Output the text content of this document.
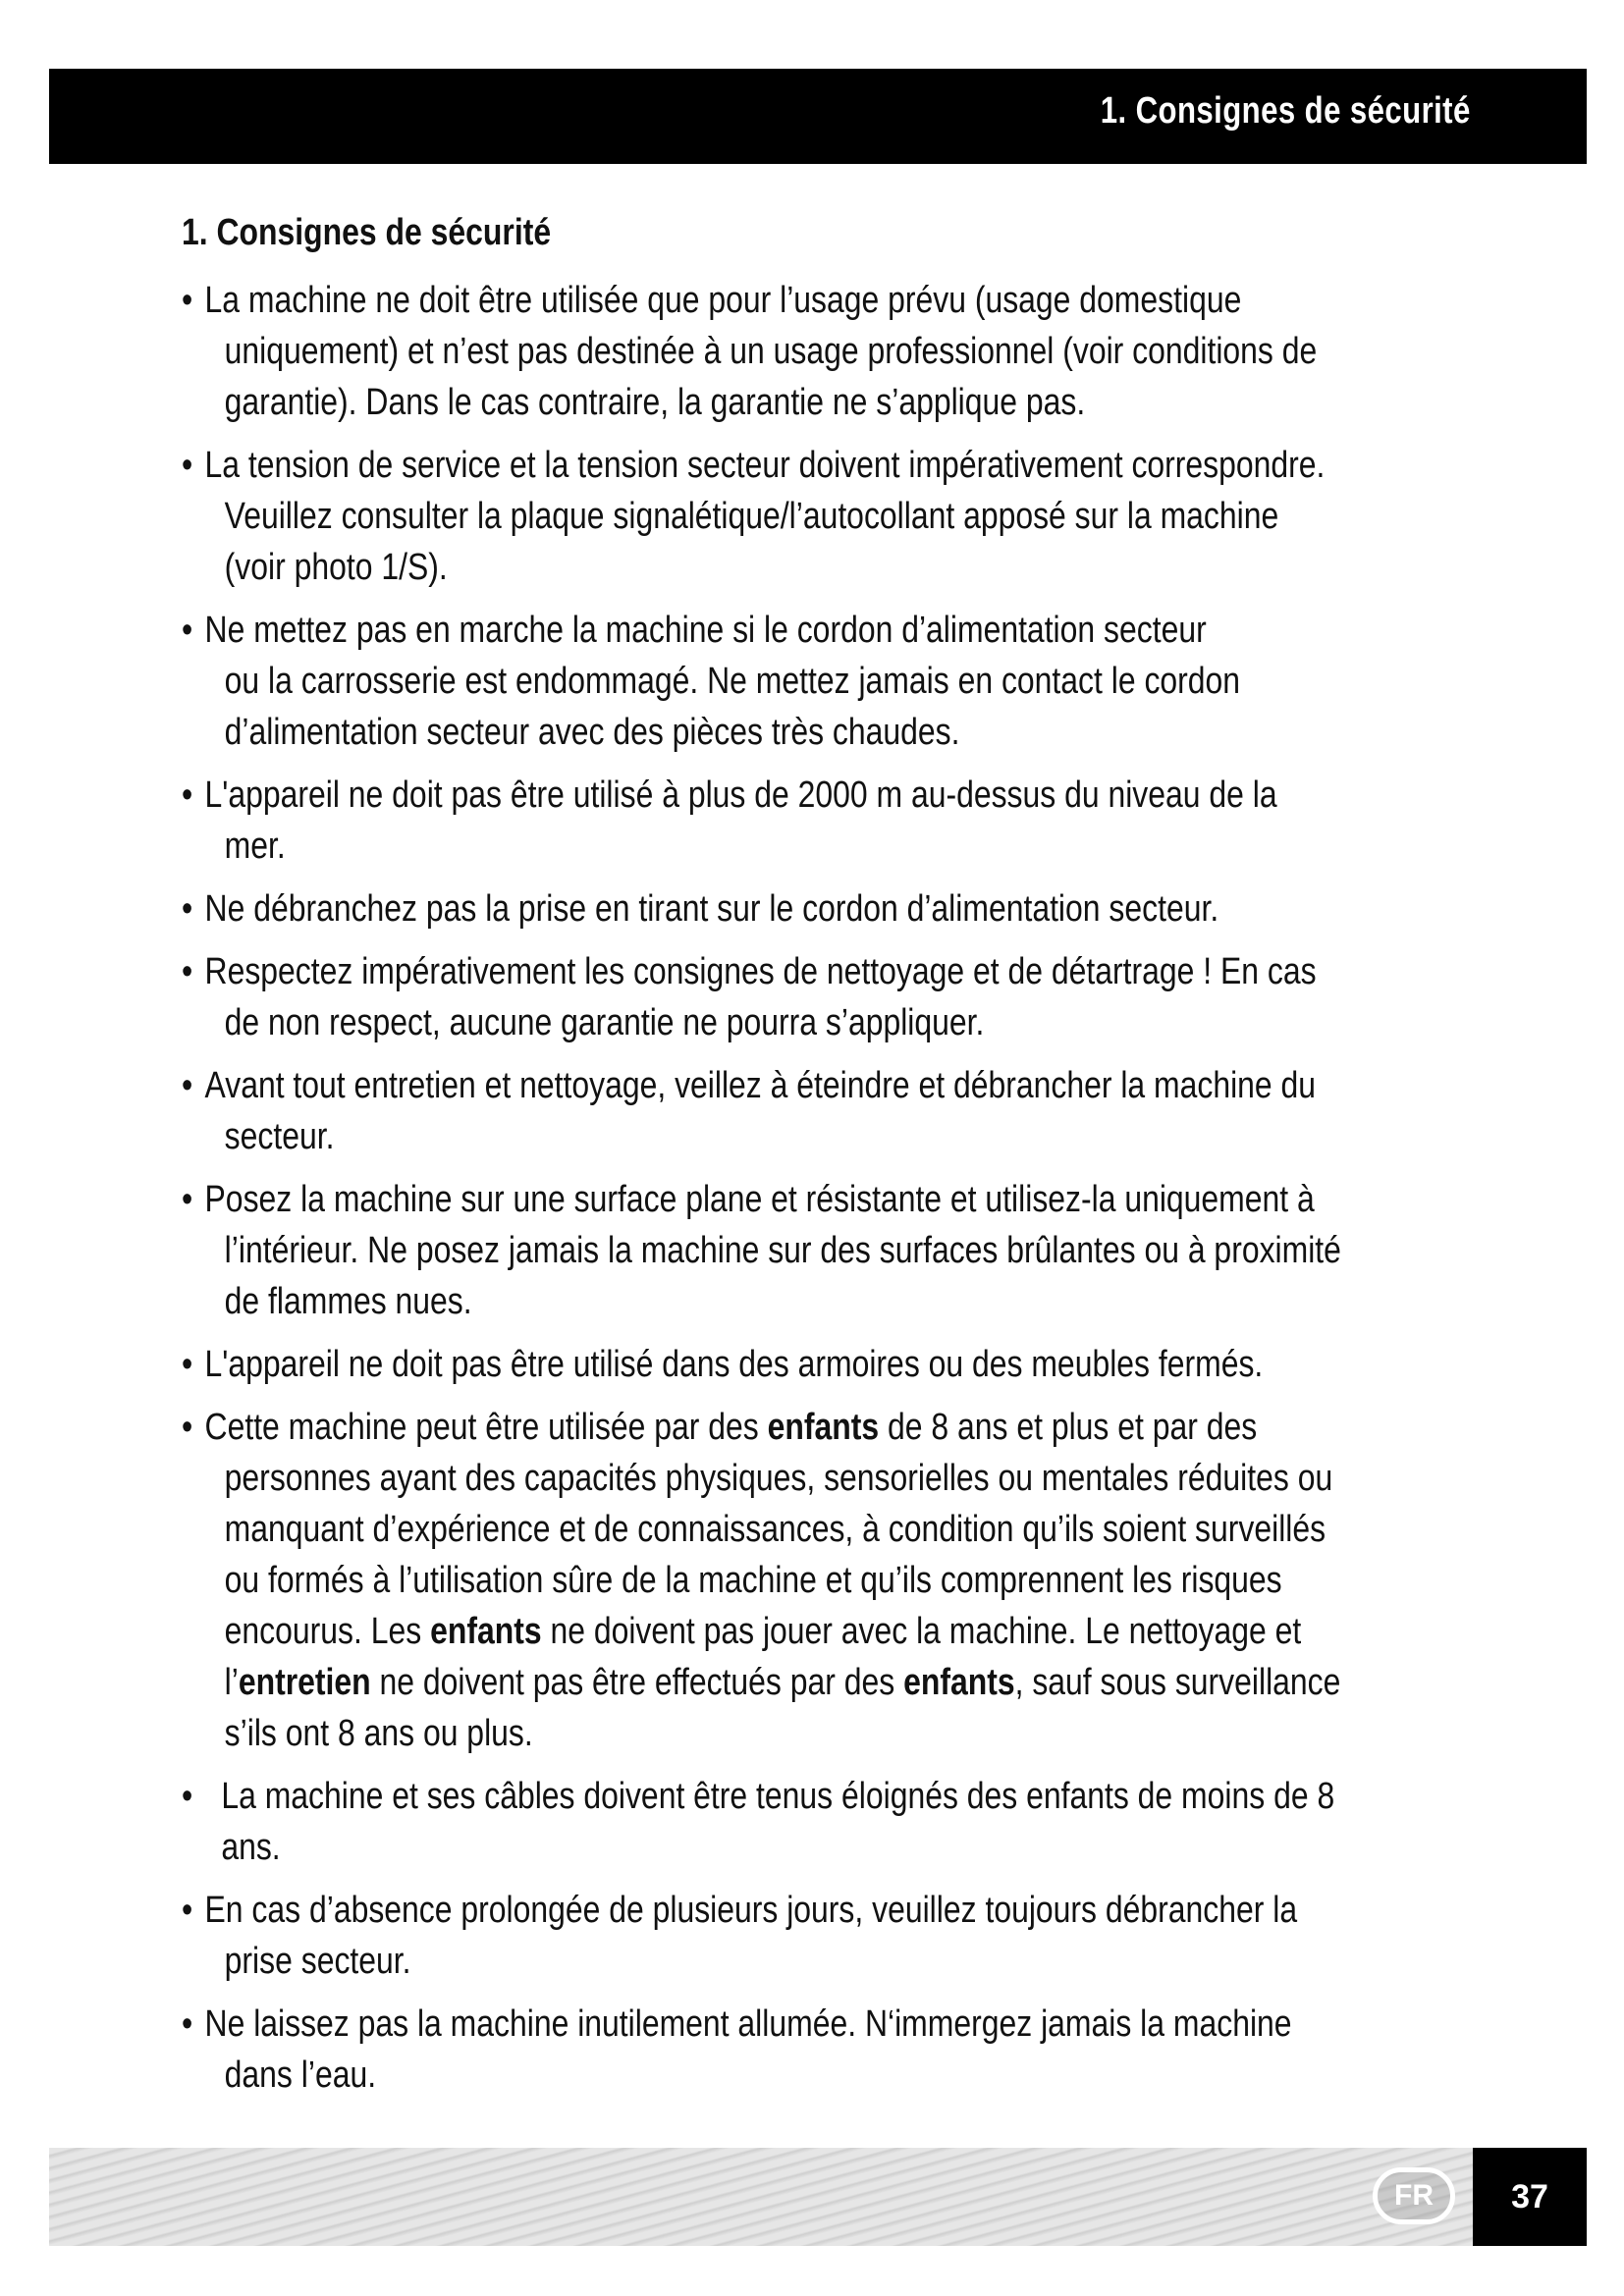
1. Consignes de sécurité
1. Consignes de sécurité
• La machine ne doit être utilisée que pour l’usage prévu (usage domestique
uniquement) et n’est pas destinée à un usage professionnel (voir conditions de
garantie). Dans le cas contraire, la garantie ne s’applique pas.
• La tension de service et la tension secteur doivent impérativement correspondre.
Veuillez consulter la plaque signalétique/l’autocollant apposé sur la machine
(voir photo 1/S).
• Ne mettez pas en marche la machine si le cordon d’alimentation secteur
ou la carrosserie est endommagé. Ne mettez jamais en contact le cordon
d’alimentation secteur avec des pièces très chaudes.
• L'appareil ne doit pas être utilisé à plus de 2000 m au-dessus du niveau de la
mer.
• Ne débranchez pas la prise en tirant sur le cordon d’alimentation secteur.
• Respectez impérativement les consignes de nettoyage et de détartrage ! En cas
de non respect, aucune garantie ne pourra s’appliquer.
• Avant tout entretien et nettoyage, veillez à éteindre et débrancher la machine du
secteur.
• Posez la machine sur une surface plane et résistante et utilisez-la uniquement à
l’intérieur. Ne posez jamais la machine sur des surfaces brûlantes ou à proximité
de flammes nues.
• L'appareil ne doit pas être utilisé dans des armoires ou des meubles fermés.
• Cette machine peut être utilisée par des enfants de 8 ans et plus et par des
personnes ayant des capacités physiques, sensorielles ou mentales réduites ou
manquant d’expérience et de connaissances, à condition qu’ils soient surveillés
ou formés à l’utilisation sûre de la machine et qu’ils comprennent les risques
encourus. Les enfants ne doivent pas jouer avec la machine. Le nettoyage et
l’entretien ne doivent pas être effectués par des enfants, sauf sous surveillance
s’ils ont 8 ans ou plus.
• La machine et ses câbles doivent être tenus éloignés des enfants de moins de 8
ans.
• En cas d’absence prolongée de plusieurs jours, veuillez toujours débrancher la
prise secteur.
• Ne laissez pas la machine inutilement allumée. N‘immergez jamais la machine
dans l’eau.
FR	37
